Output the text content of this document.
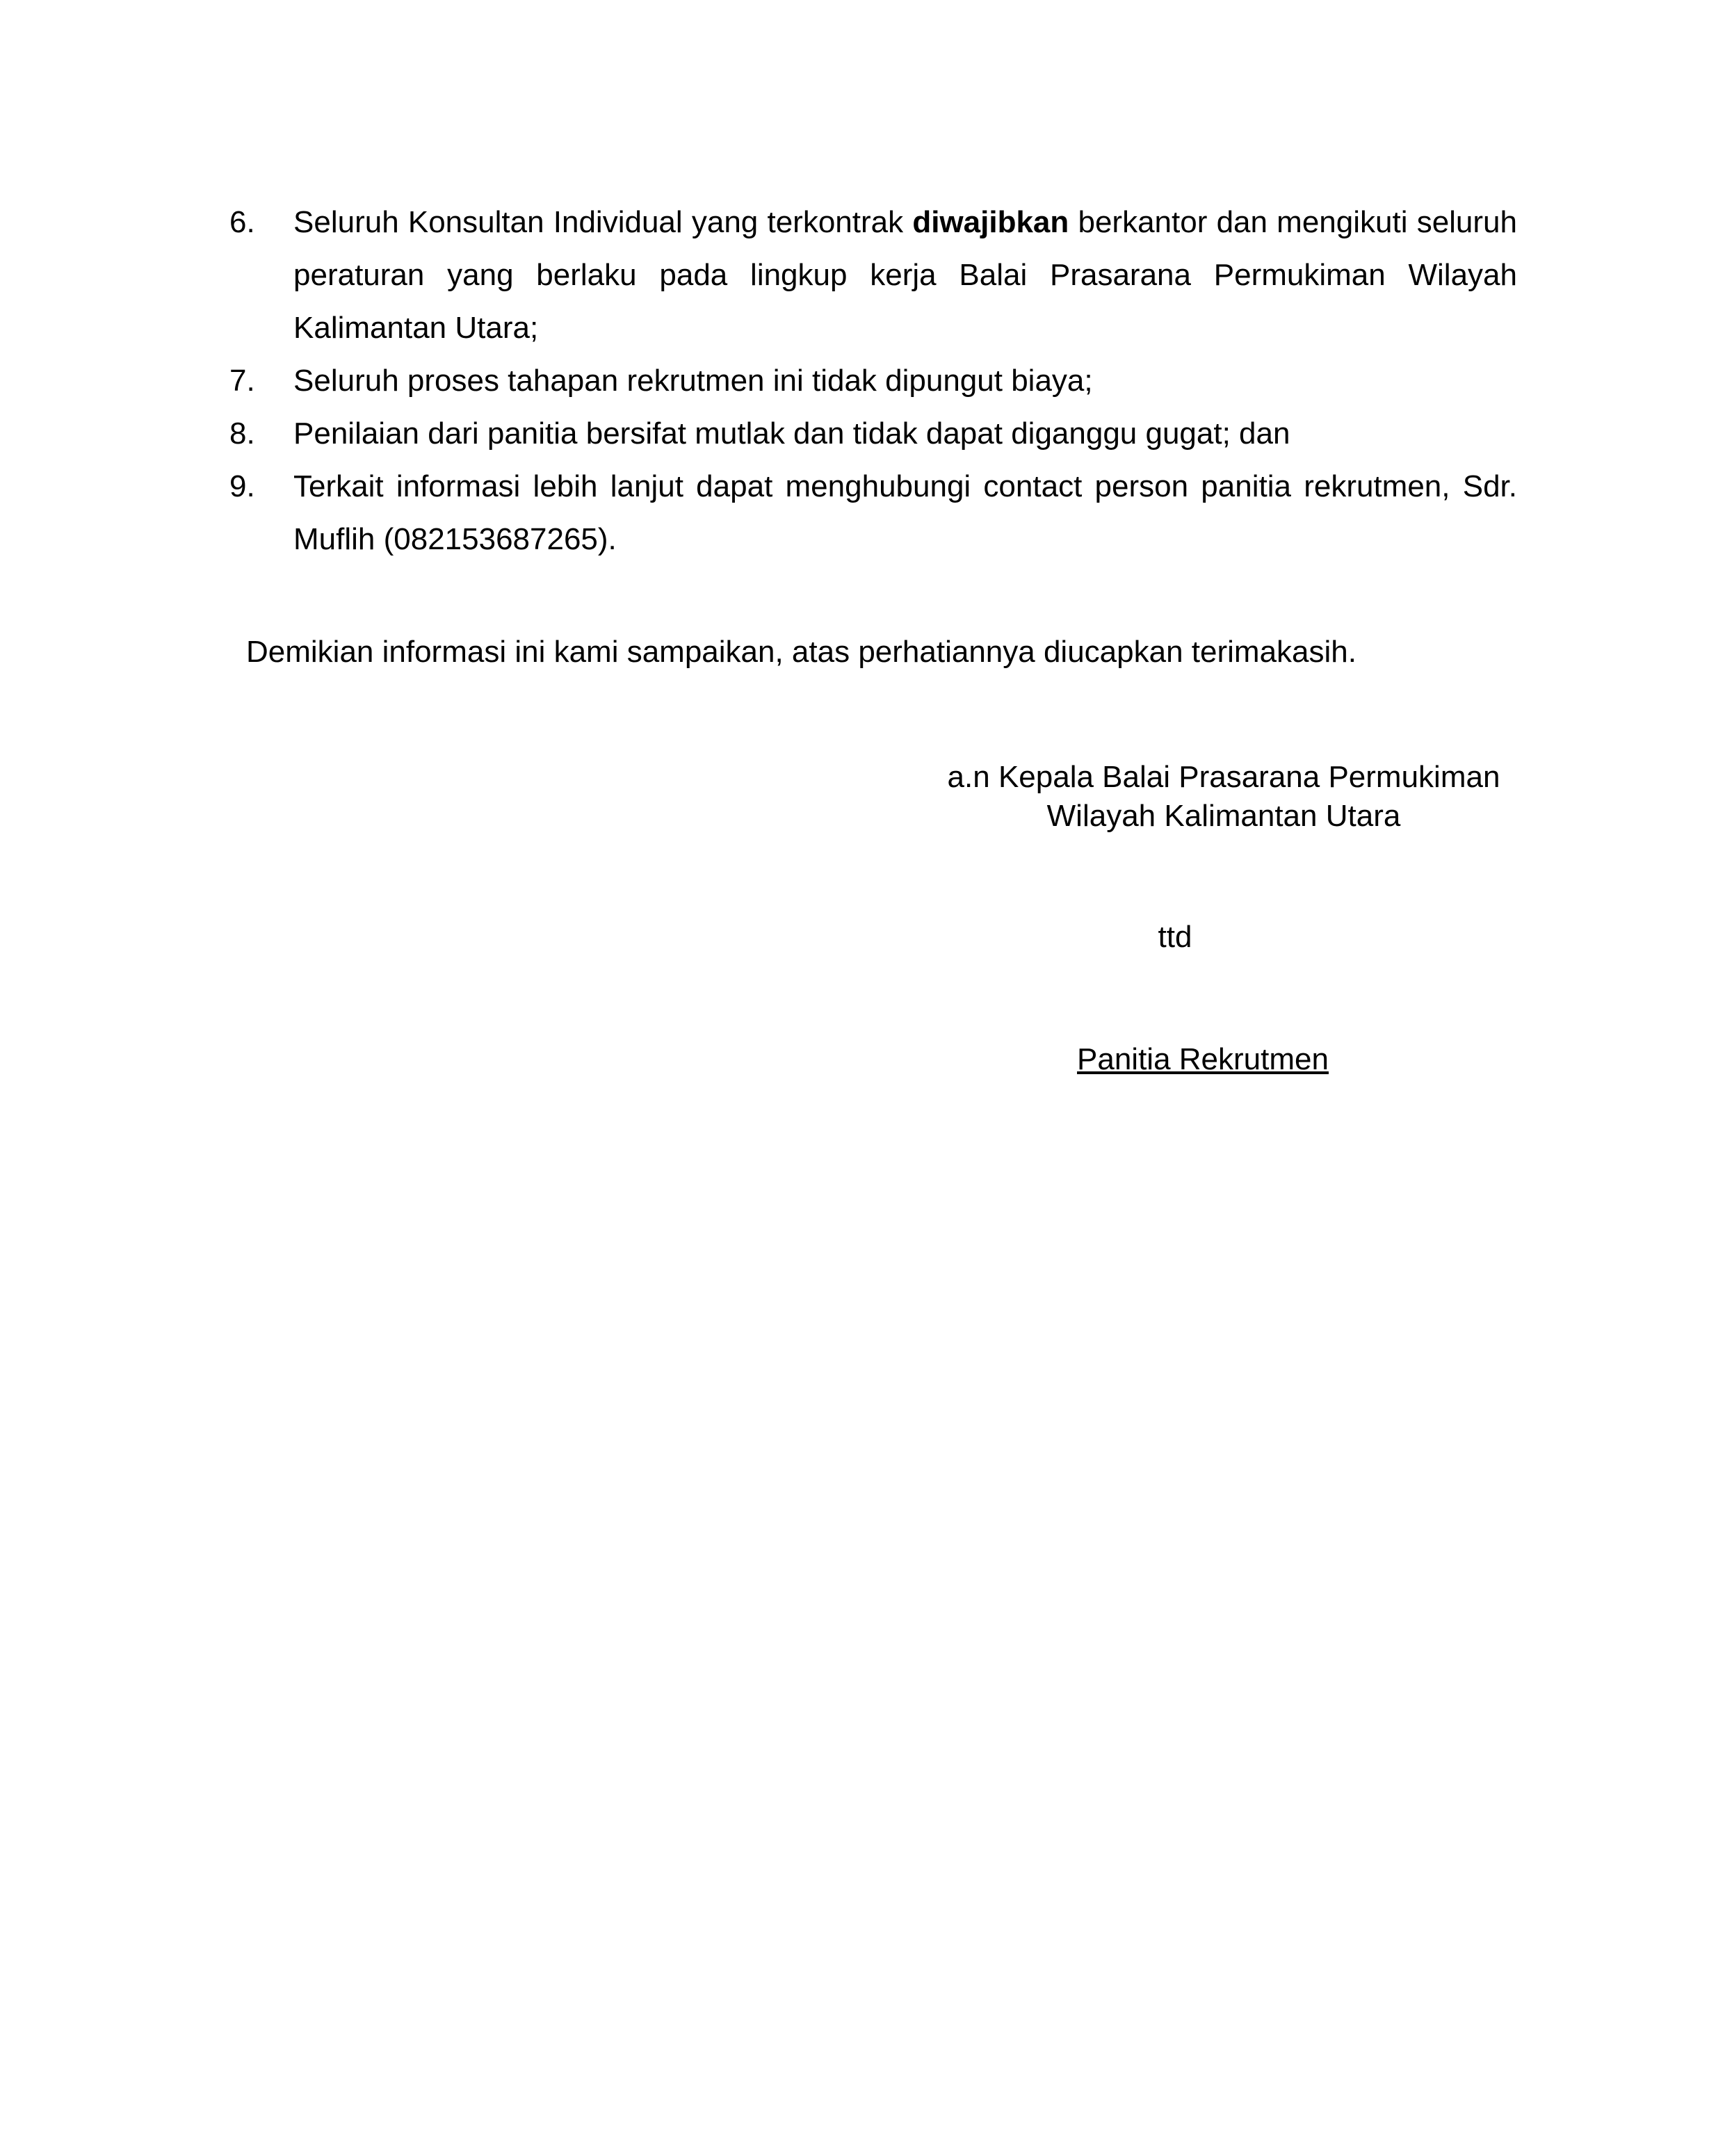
6.	Seluruh Konsultan Individual yang terkontrak diwajibkan berkantor dan mengikuti seluruh peraturan yang berlaku pada lingkup kerja Balai Prasarana Permukiman Wilayah Kalimantan Utara;
7.	Seluruh proses tahapan rekrutmen ini tidak dipungut biaya;
8.	Penilaian dari panitia bersifat mutlak dan tidak dapat diganggu gugat; dan
9.	Terkait informasi lebih lanjut dapat menghubungi contact person panitia rekrutmen, Sdr. Muflih (082153687265).

Demikian informasi ini kami sampaikan, atas perhatiannya diucapkan terimakasih.

a.n Kepala Balai Prasarana Permukiman
Wilayah Kalimantan Utara
ttd
Panitia Rekrutmen
